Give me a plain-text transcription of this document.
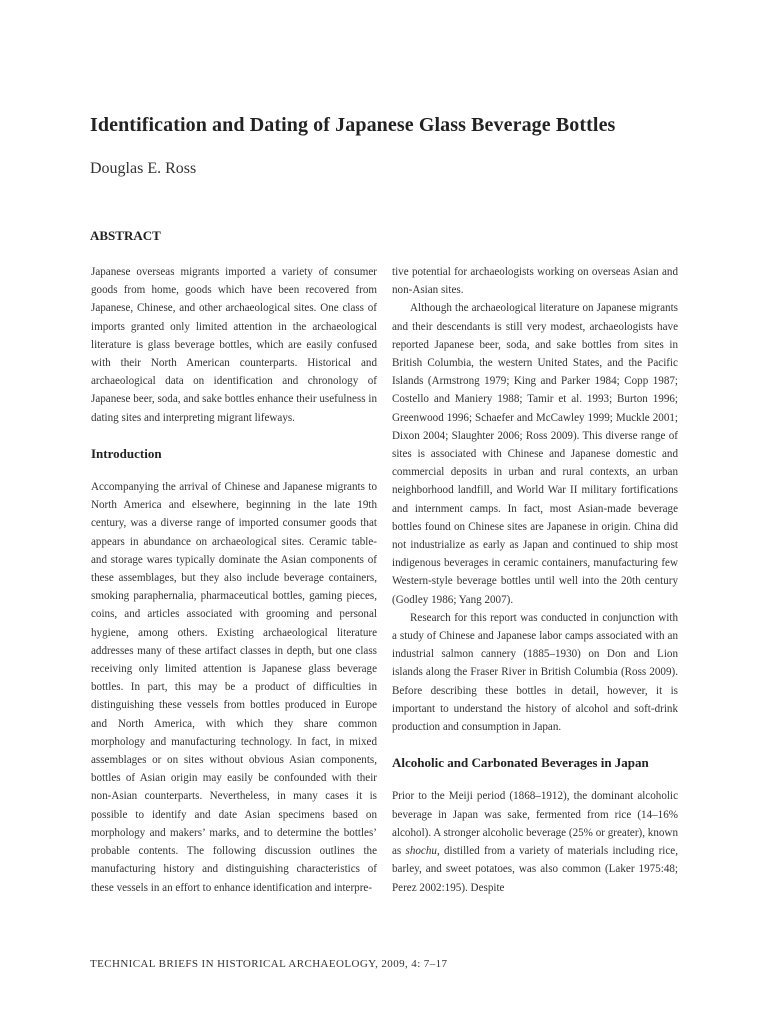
Identification and Dating of Japanese Glass Beverage Bottles
Douglas E. Ross
ABSTRACT

Japanese overseas migrants imported a variety of consumer goods from home, goods which have been recovered from Japanese, Chinese, and other archaeological sites. One class of imports granted only limited attention in the archaeological literature is glass beverage bottles, which are easily confused with their North American counterparts. Historical and archaeological data on identification and chronology of Japanese beer, soda, and sake bottles enhance their usefulness in dating sites and interpreting migrant lifeways.

Introduction

Accompanying the arrival of Chinese and Japanese migrants to North America and elsewhere, beginning in the late 19th century, was a diverse range of imported consumer goods that appears in abundance on archaeological sites. Ceramic table- and storage wares typically dominate the Asian components of these assemblages, but they also include beverage containers, smoking paraphernalia, pharmaceutical bottles, gaming pieces, coins, and articles associated with grooming and personal hygiene, among others. Existing archaeological literature addresses many of these artifact classes in depth, but one class receiving only limited attention is Japanese glass beverage bottles. In part, this may be a product of difficulties in distinguishing these vessels from bottles produced in Europe and North America, with which they share common morphology and manufacturing technology. In fact, in mixed assemblages or on sites without obvious Asian components, bottles of Asian origin may easily be confounded with their non-Asian counterparts. Nevertheless, in many cases it is possible to identify and date Asian specimens based on morphology and makers’ marks, and to determine the bottles’ probable contents. The following discussion outlines the manufacturing history and distinguishing characteristics of these vessels in an effort to enhance identification and interpre-

tive potential for archaeologists working on overseas Asian and non-Asian sites.

Although the archaeological literature on Japanese migrants and their descendants is still very modest, archaeologists have reported Japanese beer, soda, and sake bottles from sites in British Columbia, the western United States, and the Pacific Islands (Armstrong 1979; King and Parker 1984; Copp 1987; Costello and Maniery 1988; Tamir et al. 1993; Burton 1996; Greenwood 1996; Schaefer and McCawley 1999; Muckle 2001; Dixon 2004; Slaughter 2006; Ross 2009). This diverse range of sites is associated with Chinese and Japanese domestic and commercial deposits in urban and rural contexts, an urban neighborhood landfill, and World War II military fortifications and internment camps. In fact, most Asian-made beverage bottles found on Chinese sites are Japanese in origin. China did not industrialize as early as Japan and continued to ship most indigenous beverages in ceramic containers, manufacturing few Western-style beverage bottles until well into the 20th century (Godley 1986; Yang 2007).

Research for this report was conducted in conjunction with a study of Chinese and Japanese labor camps associated with an industrial salmon cannery (1885–1930) on Don and Lion islands along the Fraser River in British Columbia (Ross 2009). Before describing these bottles in detail, however, it is important to understand the history of alcohol and soft-drink production and consumption in Japan.

Alcoholic and Carbonated Beverages in Japan

Prior to the Meiji period (1868–1912), the dominant alcoholic beverage in Japan was sake, fermented from rice (14–16% alcohol). A stronger alcoholic beverage (25% or greater), known as shochu, distilled from a variety of materials including rice, barley, and sweet potatoes, was also common (Laker 1975:48; Perez 2002:195). Despite

TECHNICAL BRIEFS IN HISTORICAL ARCHAEOLOGY, 2009, 4: 7–17
